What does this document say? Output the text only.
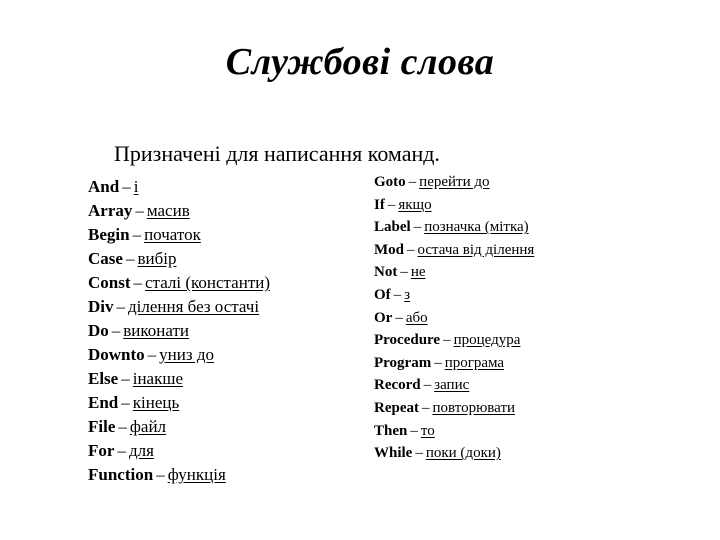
Службові слова
Призначені для написання команд.
And – і
Array – масив
Begin – початок
Case – вибір
Const – сталі (константи)
Div – ділення без остачі
Do – виконати
Downto – униз до
Else – інакше
End – кінець
File – файл
For – для
Function – функція
Goto – перейти до
If – якщо
Label – позначка (мітка)
Mod – остача від ділення
Not – не
Of – з
Or – або
Procedure – процедура
Program – програма
Record – запис
Repeat – повторювати
Then – то
While – поки (доки)
